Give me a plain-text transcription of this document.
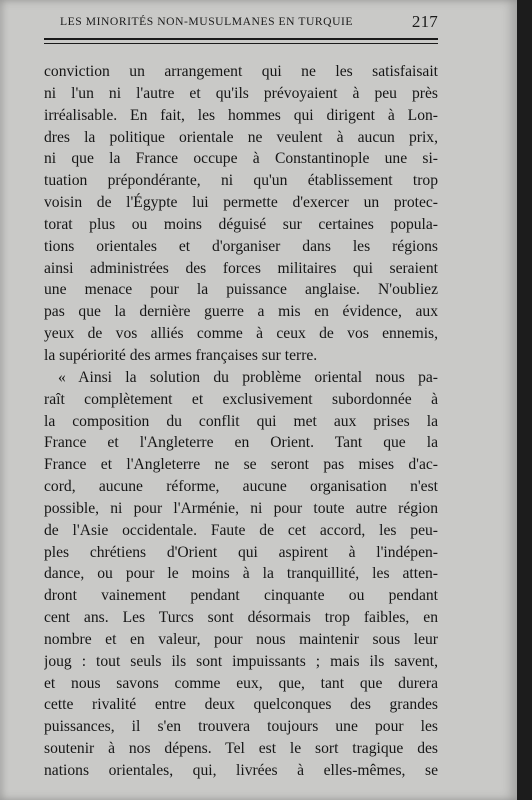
LES MINORITÉS NON-MUSULMANES EN TURQUIE	217
conviction un arrangement qui ne les satisfaisait
ni l'un ni l'autre et qu'ils prévoyaient à peu près
irréalisable. En fait, les hommes qui dirigent à Lon-
dres la politique orientale ne veulent à aucun prix,
ni que la France occupe à Constantinople une si-
tuation prépondérante, ni qu'un établissement trop
voisin de l'Égypte lui permette d'exercer un protec-
torat plus ou moins déguisé sur certaines popula-
tions orientales et d'organiser dans les régions
ainsi administrées des forces militaires qui seraient
une menace pour la puissance anglaise. N'oubliez
pas que la dernière guerre a mis en évidence, aux
yeux de vos alliés comme à ceux de vos ennemis,
la supériorité des armes françaises sur terre.
« Ainsi la solution du problème oriental nous pa-
raît complètement et exclusivement subordonnée à
la composition du conflit qui met aux prises la
France et l'Angleterre en Orient. Tant que la
France et l'Angleterre ne se seront pas mises d'ac-
cord, aucune réforme, aucune organisation n'est
possible, ni pour l'Arménie, ni pour toute autre région
de l'Asie occidentale. Faute de cet accord, les peu-
ples chrétiens d'Orient qui aspirent à l'indépen-
dance, ou pour le moins à la tranquillité, les atten-
dront vainement pendant cinquante ou pendant
cent ans. Les Turcs sont désormais trop faibles, en
nombre et en valeur, pour nous maintenir sous leur
joug : tout seuls ils sont impuissants ; mais ils savent,
et nous savons comme eux, que, tant que durera
cette rivalité entre deux quelconques des grandes
puissances, il s'en trouvera toujours une pour les
soutenir à nos dépens. Tel est le sort tragique des
nations orientales, qui, livrées à elles-mêmes, se
